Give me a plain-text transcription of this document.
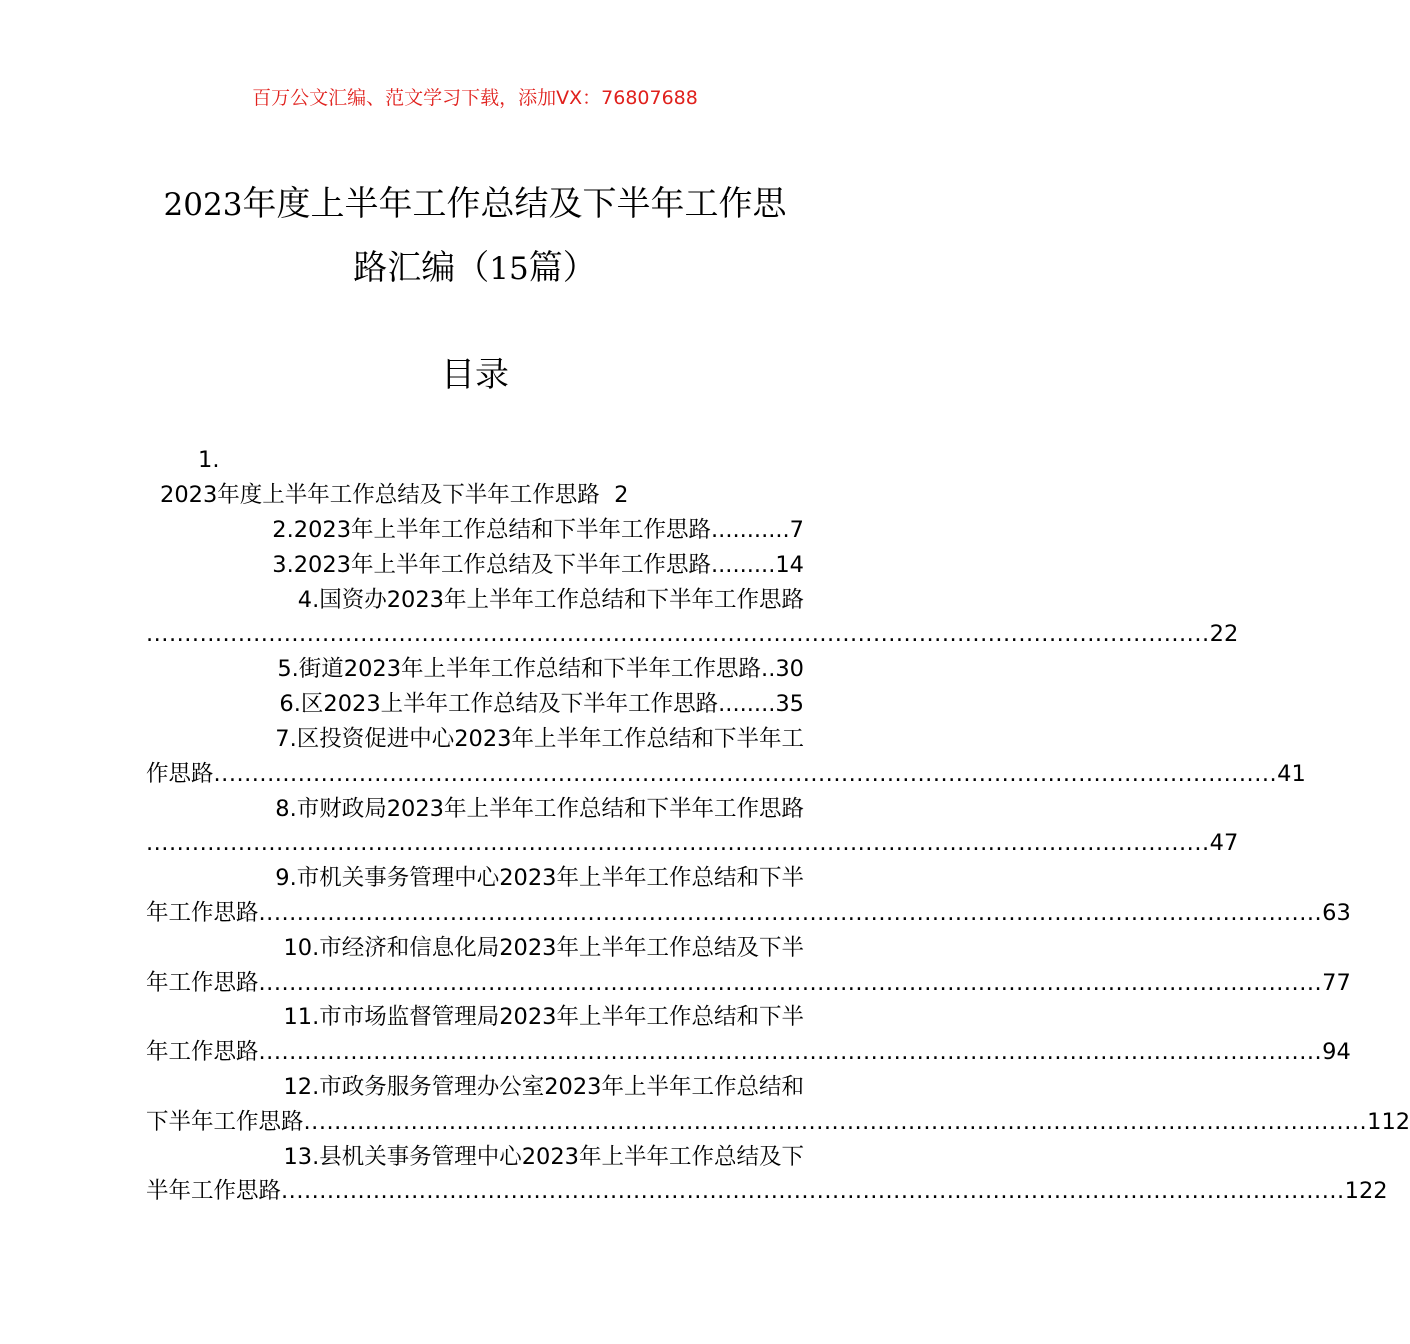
百万公文汇编、范文学习下载，添加VX：76807688
2023年度上半年工作总结及下半年工作思
路汇编（15篇）
目录
1.
2023年度上半年工作总结及下半年工作思路 2
2.2023年上半年工作总结和下半年工作思路...........7
3.2023年上半年工作总结及下半年工作思路.........14
4.国资办2023年上半年工作总结和下半年工作思路
........................................................................................................................................... 22
5.街道2023年上半年工作总结和下半年工作思路..30
6.区2023上半年工作总结及下半年工作思路........35
7.区投资促进中心2023年上半年工作总结和下半年工
作思路 ........................................................................................................................................... 41
8.市财政局2023年上半年工作总结和下半年工作思路
........................................................................................................................................... 47
9.市机关事务管理中心2023年上半年工作总结和下半
年工作思路 ........................................................................................................................................... 63
10.市经济和信息化局2023年上半年工作总结及下半
年工作思路 ........................................................................................................................................... 77
11.市市场监督管理局2023年上半年工作总结和下半
年工作思路 ........................................................................................................................................... 94
12.市政务服务管理办公室2023年上半年工作总结和
下半年工作思路 ........................................................................................................................................... 112
13.县机关事务管理中心2023年上半年工作总结及下
半年工作思路 ........................................................................................................................................... 122
